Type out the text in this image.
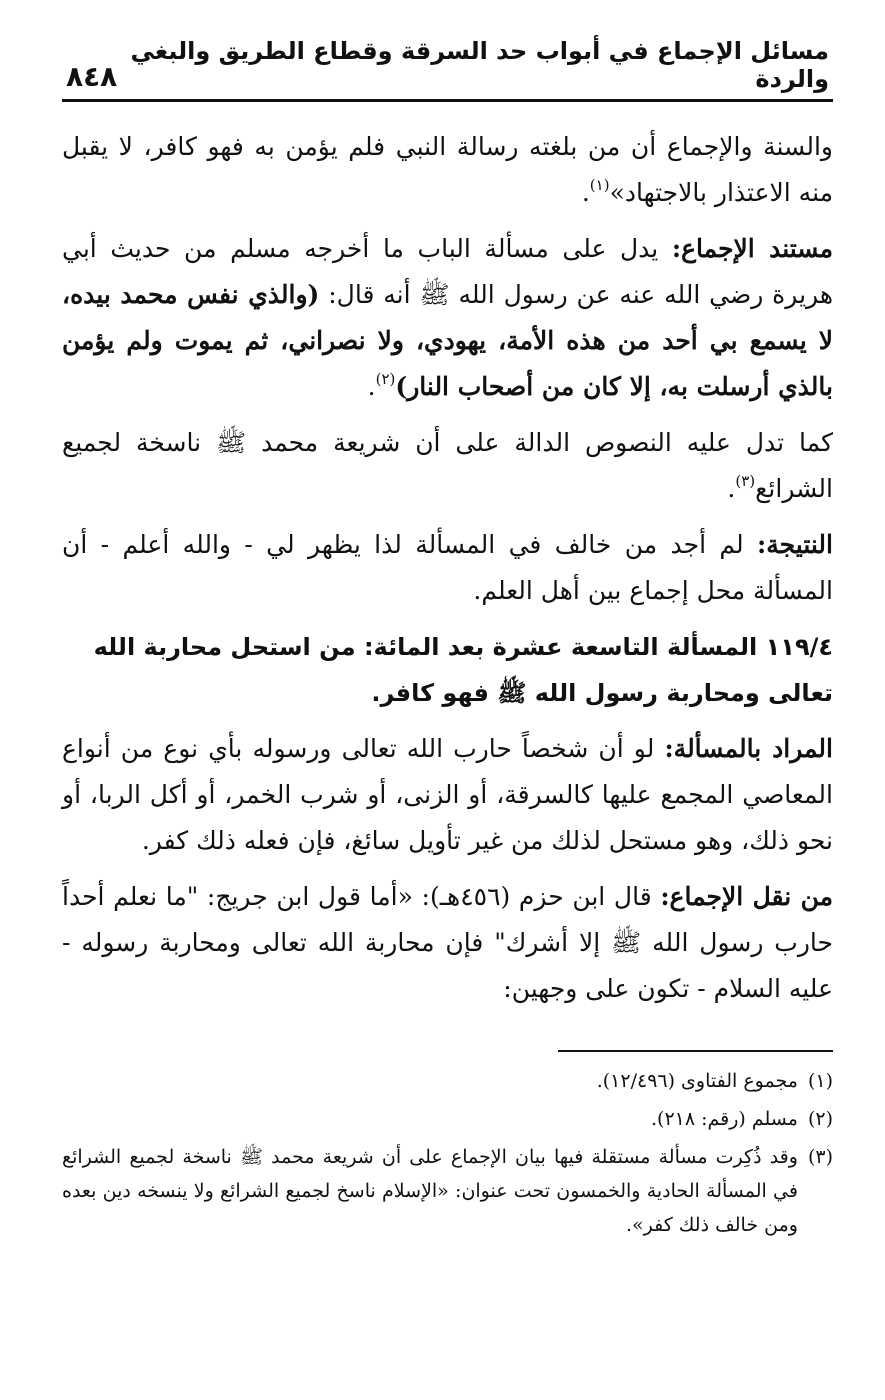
مسائل الإجماع في أبواب حد السرقة وقطاع الطريق والبغي والردة
٨٤٨

والسنة والإجماع أن من بلغته رسالة النبي فلم يؤمن به فهو كافر، لا يقبل منه الاعتذار بالاجتهاد»$^{(١)}$.

مستند الإجماع: يدل على مسألة الباب ما أخرجه مسلم من حديث أبي هريرة رضي الله عنه عن رسول الله ﷺ أنه قال: (والذي نفس محمد بيده، لا يسمع بي أحد من هذه الأمة، يهودي، ولا نصراني، ثم يموت ولم يؤمن بالذي أرسلت به، إلا كان من أصحاب النار)$^{(٢)}$.

كما تدل عليه النصوص الدالة على أن شريعة محمد ﷺ ناسخة لجميع الشرائع$^{(٣)}$.

النتيجة: لم أجد من خالف في المسألة لذا يظهر لي - والله أعلم - أن المسألة محل إجماع بين أهل العلم.

١١٩/٤ المسألة التاسعة عشرة بعد المائة: من استحل محاربة الله تعالى ومحاربة رسول الله ﷺ فهو كافر.

المراد بالمسألة: لو أن شخصاً حارب الله تعالى ورسوله بأي نوع من أنواع المعاصي المجمع عليها كالسرقة، أو الزنى، أو شرب الخمر، أو أكل الربا، أو نحو ذلك، وهو مستحل لذلك من غير تأويل سائغ، فإن فعله ذلك كفر.

من نقل الإجماع: قال ابن حزم (٤٥٦هـ): «أما قول ابن جريج: "ما نعلم أحداً حارب رسول الله ﷺ إلا أشرك" فإن محاربة الله تعالى ومحاربة رسوله - عليه السلام - تكون على وجهين:

(١)
مجموع الفتاوى (١٢/٤٩٦).
(٢)
مسلم (رقم: ٢١٨).
(٣)
وقد ذُكِرت مسألة مستقلة فيها بيان الإجماع على أن شريعة محمد ﷺ ناسخة لجميع الشرائع في المسألة الحادية والخمسون تحت عنوان: «الإسلام ناسخ لجميع الشرائع ولا ينسخه دين بعده ومن خالف ذلك كفر».
